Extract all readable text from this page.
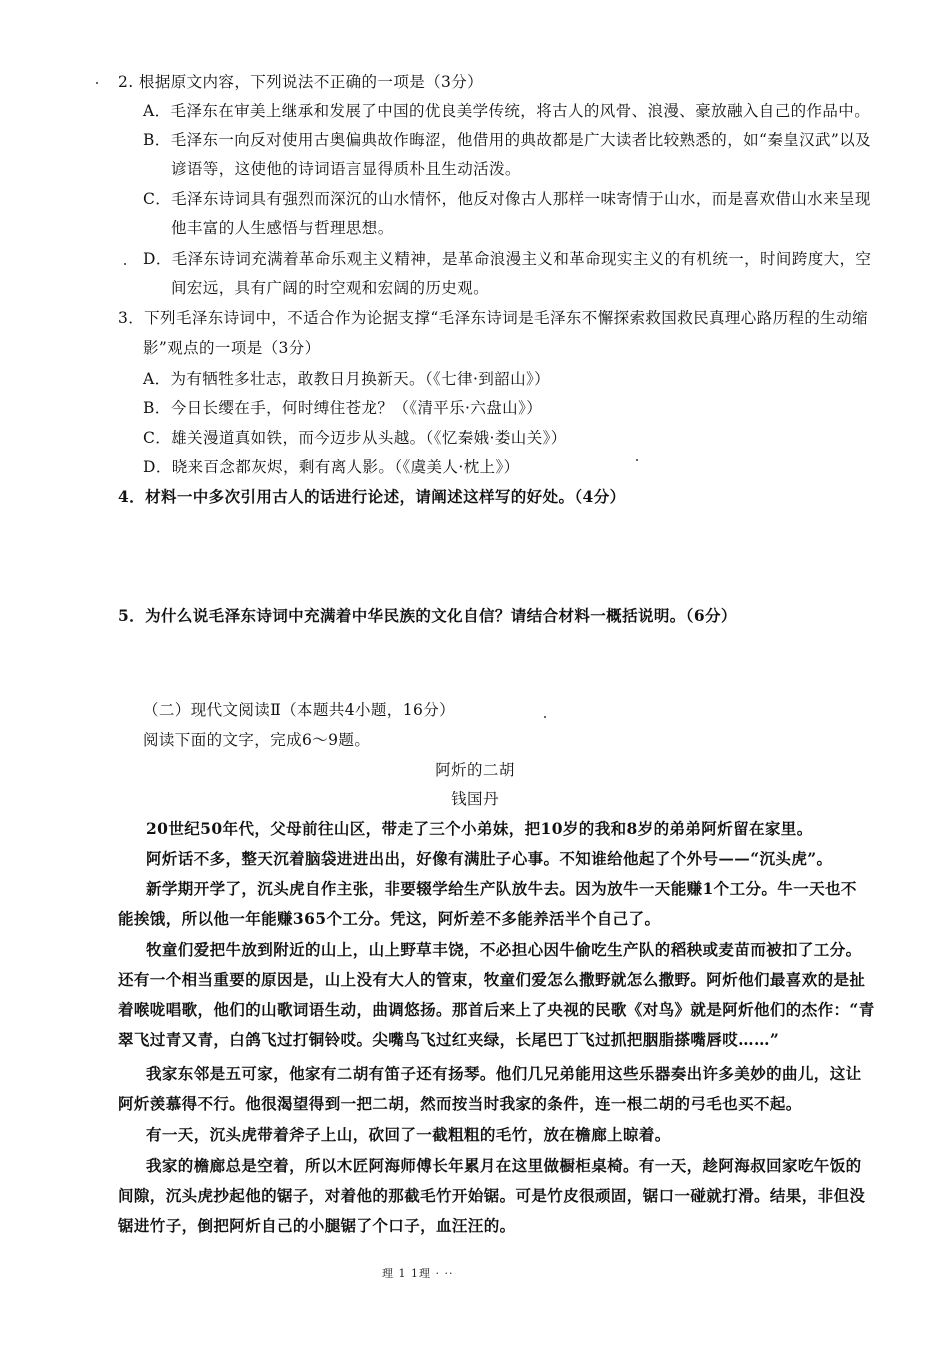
2. 根据原文内容，下列说法不正确的一项是（3分）
A．毛泽东在审美上继承和发展了中国的优良美学传统，将古人的风骨、浪漫、豪放融入自己的作品中。
B．毛泽东一向反对使用古奥偏典故作晦涩，他借用的典故都是广大读者比较熟悉的，如“秦皇汉武”以及
谚语等，这使他的诗词语言显得质朴且生动活泼。
C．毛泽东诗词具有强烈而深沉的山水情怀，他反对像古人那样一味寄情于山水，而是喜欢借山水来呈现
他丰富的人生感悟与哲理思想。
D．毛泽东诗词充满着革命乐观主义精神，是革命浪漫主义和革命现实主义的有机统一，时间跨度大，空
间宏远，具有广阔的时空观和宏阔的历史观。
3．下列毛泽东诗词中，不适合作为论据支撑“毛泽东诗词是毛泽东不懈探索救国救民真理心路历程的生动缩
影”观点的一项是（3分）
A．为有牺牲多壮志，敢教日月换新天。（《七律·到韶山》）
B．今日长缨在手，何时缚住苍龙？（《清平乐·六盘山》）
C．雄关漫道真如铁，而今迈步从头越。（《忆秦娥·娄山关》）
D．晓来百念都灰烬，剩有离人影。（《虞美人·枕上》）
4．材料一中多次引用古人的话进行论述，请阐述这样写的好处。（4分）
5．为什么说毛泽东诗词中充满着中华民族的文化自信？请结合材料一概括说明。（6分）
（二）现代文阅读Ⅱ（本题共4小题，16分）
阅读下面的文字，完成6～9题。
阿炘的二胡
钱国丹
20世纪50年代，父母前往山区，带走了三个小弟妹，把10岁的我和8岁的弟弟阿炘留在家里。
阿炘话不多，整天沉着脑袋进进出出，好像有满肚子心事。不知谁给他起了个外号——“沉头虎”。
新学期开学了，沉头虎自作主张，非要辍学给生产队放牛去。因为放牛一天能赚1个工分。牛一天也不
能挨饿，所以他一年能赚365个工分。凭这，阿炘差不多能养活半个自己了。
牧童们爱把牛放到附近的山上，山上野草丰饶，不必担心因牛偷吃生产队的稻秧或麦苗而被扣了工分。
还有一个相当重要的原因是，山上没有大人的管束，牧童们爱怎么撒野就怎么撒野。阿炘他们最喜欢的是扯
着喉咙唱歌，他们的山歌词语生动，曲调悠扬。那首后来上了央视的民歌《对鸟》就是阿炘他们的杰作：“青
翠飞过青又青，白鸽飞过打铜铃哎。尖嘴鸟飞过红夹绿，长尾巴丁飞过抓把胭脂搽嘴唇哎……”
我家东邻是五可家，他家有二胡有笛子还有扬琴。他们几兄弟能用这些乐器奏出许多美妙的曲儿，这让
阿炘羡慕得不行。他很渴望得到一把二胡，然而按当时我家的条件，连一根二胡的弓毛也买不起。
有一天，沉头虎带着斧子上山，砍回了一截粗粗的毛竹，放在檐廊上晾着。
我家的檐廊总是空着，所以木匠阿海师傅长年累月在这里做橱柜桌椅。有一天，趁阿海叔回家吃午饭的
间隙，沉头虎抄起他的锯子，对着他的那截毛竹开始锯。可是竹皮很顽固，锯口一碰就打滑。结果，非但没
锯进竹子，倒把阿炘自己的小腿锯了个口子，血汪汪的。
理 1 1理 · ··
